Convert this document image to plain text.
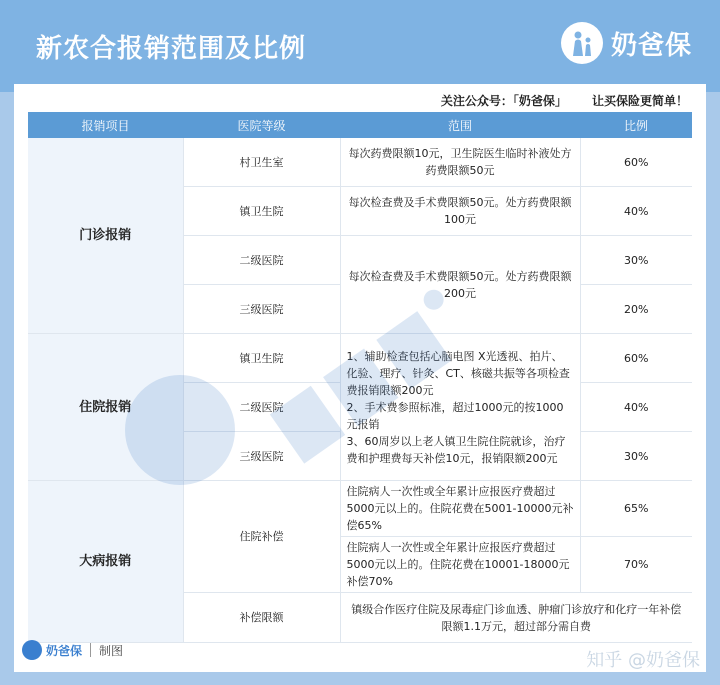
新农合报销范围及比例	奶爸保
关注公众号：「奶爸保」 让买保险更简单！
报销项目	医院等级	范围	比例
门诊报销	村卫生室	每次药费限额10元，卫生院医生临时补液处方药费限额50元	60%
	镇卫生院	每次检查费及手术费限额50元。处方药费限额100元	40%
	二级医院	每次检查费及手术费限额50元。处方药费限额200元	30%
	三级医院		20%
住院报销	镇卫生院	1、辅助检查包括心脑电图 X光透视、拍片、化验、理疗、针灸、CT、核磁共振等各项检查费报销限额200元
2、手术费参照标准，超过1000元的按1000元报销
3、60周岁以上老人镇卫生院住院就诊，治疗费和护理费每天补偿10元，报销限额200元	60%
	二级医院		40%
	三级医院		30%
大病报销	住院补偿	住院病人一次性或全年累计应报医疗费超过5000元以上的。住院花费在5001-10000元补偿65%	65%
		住院病人一次性或全年累计应报医疗费超过5000元以上的。住院花费在10001-18000元补偿70%	70%
	补偿限额	镇级合作医疗住院及尿毒症门诊血透、肿瘤门诊放疗和化疗一年补偿限额1.1万元，超过部分需自费	
奶爸保 制图	知乎 @奶爸保
